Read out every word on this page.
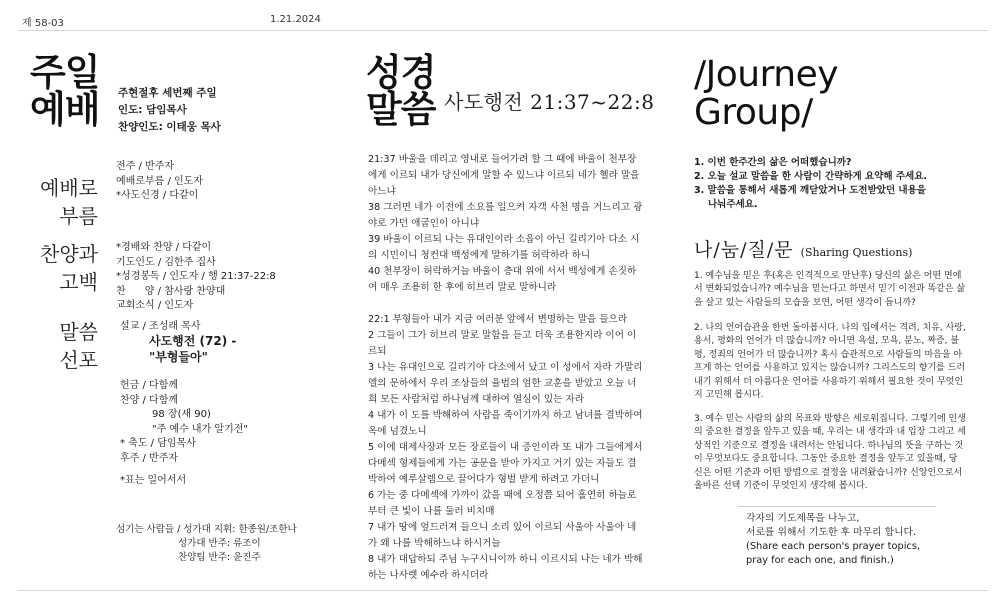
제 58-03	1.21.2024
주일
예배 주현절후 세번째 주일
인도: 담임목사
찬양인도: 이태웅 목사
예배로
부름
전주 / 반주자
예배로부름 / 인도자
*사도신경 / 다같이
찬양과
고백
*경배와 찬양 / 다같이
기도인도 / 김한주 집사
*성경봉독 / 인도자 / 행 21:37-22:8
찬      양 / 참사랑 찬양대
교회소식 / 인도자
말씀
선포
설교 / 조성래 목사
사도행전 (72) -
"부형들아"
헌금 / 다함께
찬양 / 다함께
98 장(새 90)
"주 예수 내가 알기전"
* 축도 / 담임목사
후주 / 반주자
*표는 일어서서
섬기는 사람들 / 성가대 지휘: 한종원/조한나
성가대 반주: 류조이
찬양팀 반주: 윤진주
성경
말씀 사도행전 21:37~22:8

21:37 바울을 데리고 영내로 들어가려 할 그 때에 바울이 천부장에게 이르되 내가 당신에게 말할 수 있느냐 이르되 네가 헬라 말을 아느냐

38 그러면 네가 이전에 소요를 일으켜 자객 사천 명을 거느리고 광야로 가던 애굽인이 아니냐

39 바울이 이르되 나는 유대인이라 소읍이 아닌 길리기아 다소 시의 시민이니 청컨대 백성에게 말하기를 허락하라 하니

40 천부장이 허락하거늘 바울이 층대 위에 서서 백성에게 손짓하여 매우 조용히 한 후에 히브리 말로 말하니라

22:1 부형들아 내가 지금 여러분 앞에서 변명하는 말을 들으라

2 그들이 그가 히브리 말로 말함을 듣고 더욱 조용한지라 이어 이르되

3 나는 유대인으로 길리기아 다소에서 났고 이 성에서 자라 가말리엘의 문하에서 우리 조상들의 율법의 엄한 교훈을 받았고 오늘 너희 모든 사람처럼 하나님께 대하여 열심이 있는 자라

4 내가 이 도를 박해하여 사람을 죽이기까지 하고 남녀를 결박하여 옥에 넘겼노니

5 이에 대제사장과 모든 장로들이 내 증인이라 또 내가 그들에게서 다메섹 형제들에게 가는 공문을 받아 가지고 거기 있는 자들도 결박하여 예루살렘으로 끌어다가 형벌 받게 하려고 가더니

6 가는 중 다메섹에 가까이 갔을 때에 오정쯤 되어 홀연히 하늘로부터 큰 빛이 나를 둘러 비치매

7 내가 땅에 엎드러져 들으니 소리 있어 이르되 사울아 사울아 네가 왜 나를 박해하느냐 하시거늘

8 내가 대답하되 주님 누구시니이까 하니 이르시되 나는 네가 박해하는 나사렛 예수라 하시더라

/Journey
Group/
1. 이번 한주간의 삶은 어떠했습니까?
2. 오늘 설교 말씀을 한 사람이 간략하게 요약해 주세요.
3. 말씀을 통해서 새롭게 깨닫았거나 도전받았던 내용을
나눠주세요.
나/눔/질/문 (Sharing Questions)
1. 예수님을 믿은 후(혹은 인격적으로 만난후) 당신의 삶은 어떤 면에서 변화되었습니까? 예수님을 믿는다고 하면서 믿기 이전과 똑같은 삶을 살고 있는 사람들의 모습을 보면, 어떤 생각이 듭니까?
2. 나의 언어습관을 한번 돌아봅시다. 나의 입에서는 격려, 치유, 사랑, 용서, 평화의 언어가 더 많습니까? 아니면 욕설, 모욕, 분노, 짜증, 불평, 정죄의 언어가 더 많습니까? 혹시 습관적으로 사람들의 마음을 아프게 하는 언어를 사용하고 있지는 않습니까? 그리스도의 향기를 드러내기 위해서 더 아름다운 언어를 사용하기 위해서 필요한 것이 무엇인지 고민해 봅시다.
3. 예수 믿는 사람의 삶의 목표와 방향은 세로워집니다. 그렇기에 인생의 중요한 결정을 앞두고 있을 때, 우리는 내 생각과 내 입장 그리고 세상적인 기준으로 결정을 내려서는 안됩니다. 하나님의 뜻을 구하는 것이 무엇보다도 중요합니다. 그동안 중요한 결정을 앞두고 있을때, 당신은 어떤 기준과 어떤 방법으로 결정을 내려왔습니까? 신앙인으로서 올바른 선택 기준이 무엇인지 생각해 봅시다.
각자의 기도제목을 나누고,
서로를 위해서 기도한 후 마무리 합니다.
(Share each person's prayer topics,
pray for each one, and finish.)
